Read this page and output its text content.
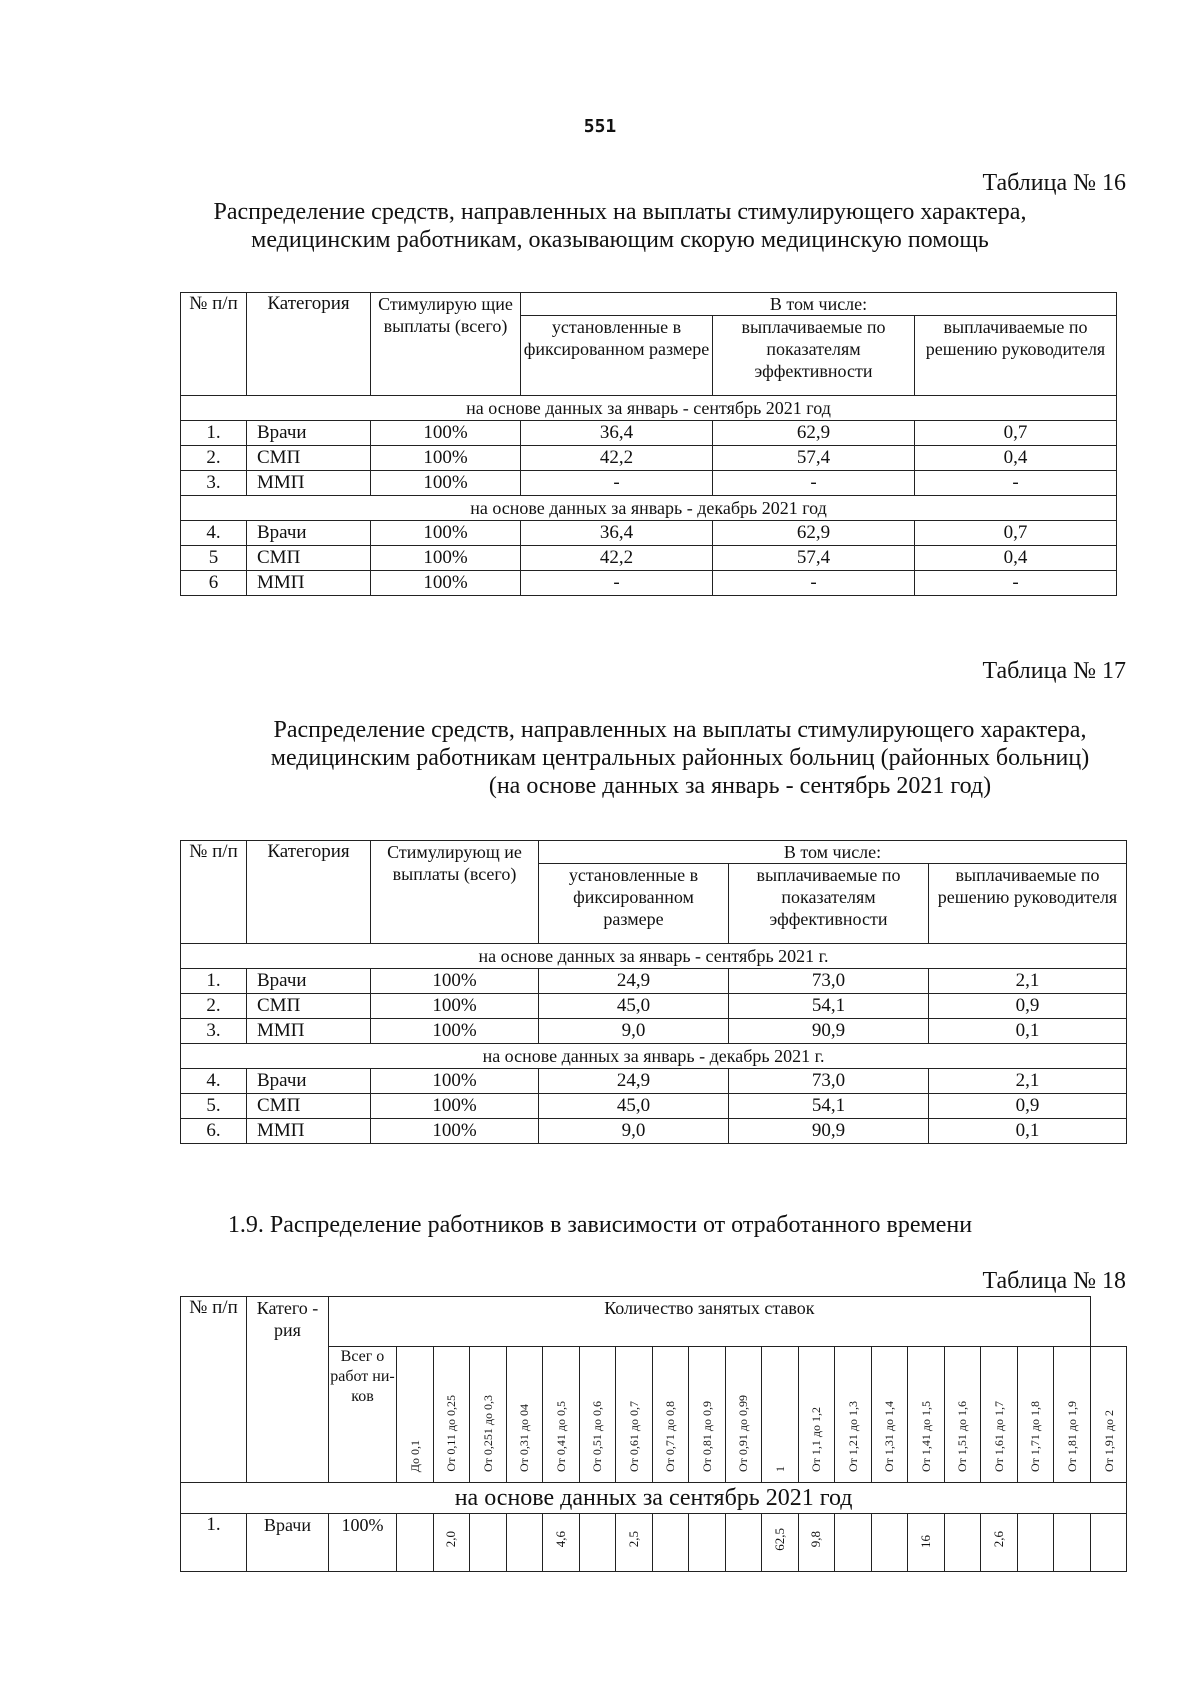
551
Таблица № 16
Распределение средств, направленных на выплаты стимулирующего характера,
медицинским работникам, оказывающим скорую медицинскую помощь
№ п/п	Категория	Стимулирую щие выплаты (всего)	В том числе:		
			установленные в фиксированном размере	выплачиваемые по показателям эффективности	выплачиваемые по решению руководителя
на основе данных за январь - сентябрь 2021 год					
1.	Врачи	100%	36,4	62,9	0,7
2.	СМП	100%	42,2	57,4	0,4
3.	ММП	100%	-	-	-
на основе данных за январь - декабрь 2021 год					
4.	Врачи	100%	36,4	62,9	0,7
5	СМП	100%	42,2	57,4	0,4
6	ММП	100%	-	-	-
Таблица № 17
Распределение средств, направленных на выплаты стимулирующего характера,
медицинским работникам центральных районных больниц (районных больниц)
(на основе данных за январь - сентябрь 2021 год)
№ п/п	Категория	Стимулирующ ие выплаты (всего)	В том числе:		
			установленные в фиксированном размере	выплачиваемые по показателям эффективности	выплачиваемые по решению руководителя
на основе данных за январь - сентябрь 2021 г.					
1.	Врачи	100%	24,9	73,0	2,1
2.	СМП	100%	45,0	54,1	0,9
3.	ММП	100%	9,0	90,9	0,1
на основе данных за январь - декабрь 2021 г.					
4.	Врачи	100%	24,9	73,0	2,1
5.	СМП	100%	45,0	54,1	0,9
6.	ММП	100%	9,0	90,9	0,1
1.9. Распределение работников в зависимости от отработанного времени
Таблица № 18
№ п/п	Катего - рия	Количество занятых ставок																				
		Всег о работ ни- ков	До 0,1	От 0,11 до 0,25	От 0,251 до 0,3	От 0,31 до 04	От 0,41 до 0,5	От 0,51 до 0,6	От 0,61 до 0,7	От 0,71 до 0,8	От 0,81 до 0,9	От 0,91 до 0,99	1	От 1,1 до 1,2	От 1,21 до 1,3	От 1,31 до 1,4	От 1,41 до 1,5	От 1,51 до 1,6	От 1,61 до 1,7	От 1,71 до 1,8	От 1,81 до 1,9	От 1,91 до 2
на основе данных за сентябрь 2021 год																						
1.	Врачи	100%		2,0			4,6		2,5				62,5	9,8			16		2,6			
